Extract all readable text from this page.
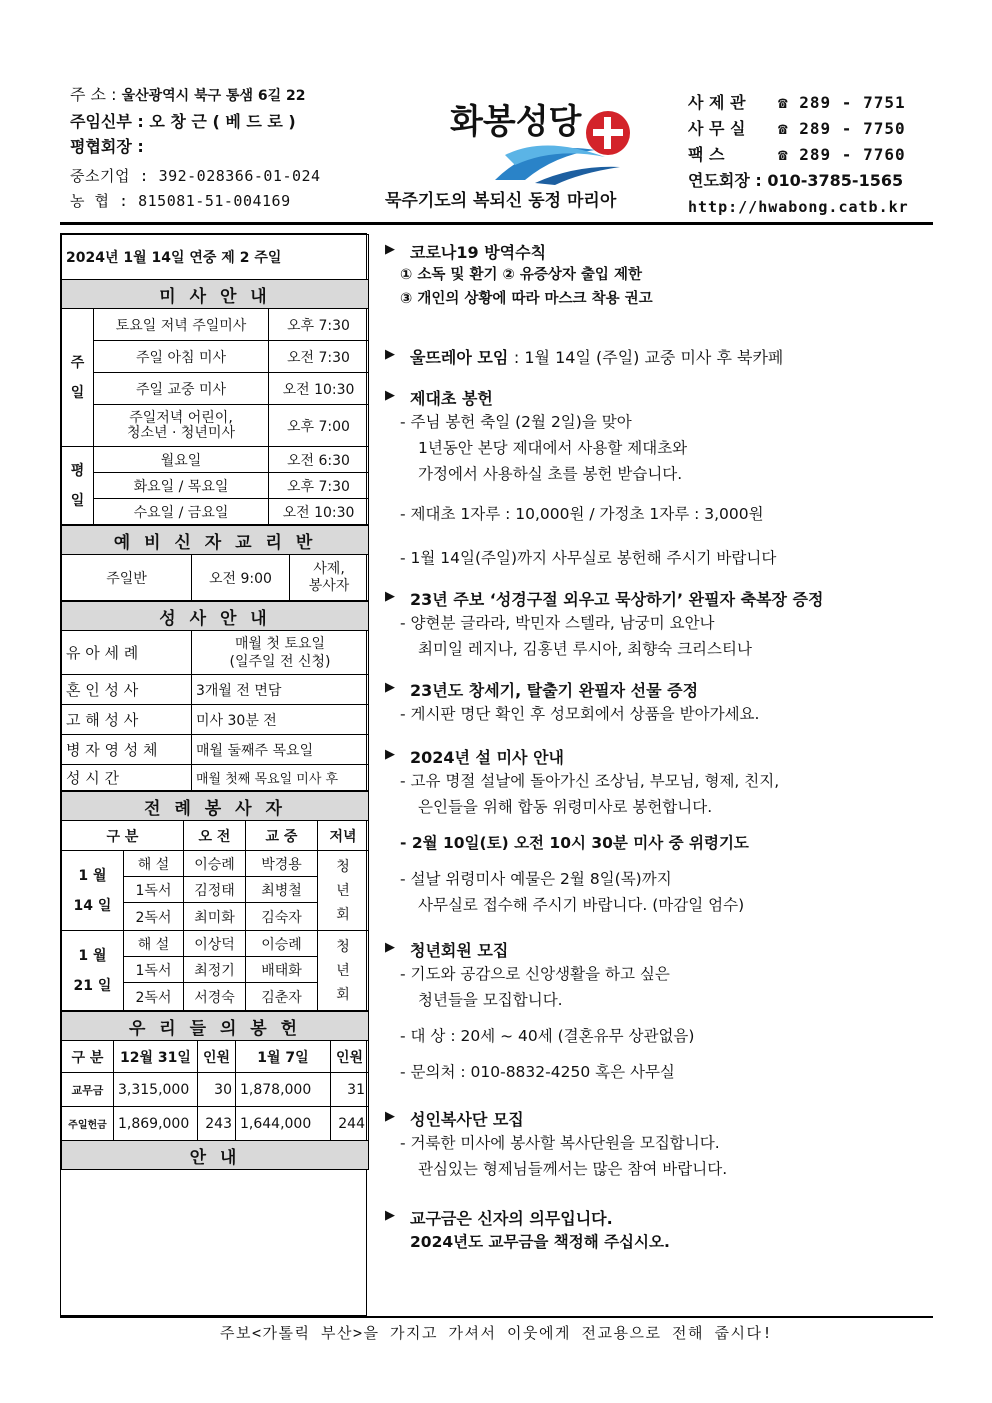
주 소 : 울산광역시 북구 통샘 6길 22
주임신부 : 오 창 근 ( 베 드 로 )
평협회장 :
중소기업 : 392-028366-01-024
농 협 : 815081-51-004169
화봉성당
묵주기도의 복되신 동정 마리아
사 제 관 ☎ 289 - 7751
사 무 실 ☎ 289 - 7750
팩 스	☎ 289 - 7760
연도회장 : 010-3785-1565
http://hwabong.catb.kr
2024년 1월 14일 연중 제 2 주일		
미 사 안 내		
주
일	토요일 저녁 주일미사	오후 7:30
	주일 아침 미사	오전 7:30
	주일 교중 미사	오전 10:30
	주일저녁 어린이,
청소년 · 청년미사	오후 7:00
평
일	월요일	오전 6:30
	화요일 / 목요일	오후 7:30
	수요일 / 금요일	오전 10:30
예 비 신 자 교 리 반
주일반	오전 9:00	사제,
봉사자
성 사 안 내	
유 아 세 례	매월 첫 토요일
(일주일 전 신청)
혼 인 성 사	3개월 전 면담
고 해 성 사	미사 30분 전
병 자 영 성 체	매월 둘째주 목요일
성 시 간	매월 첫째 목요일 미사 후
전 례 봉 사 자				
구 분		오 전	교 중	저녁
1 월
14 일	해 설	이승례	박경용	청
년
회
	1독서	김정태	최병철	
	2독서	최미화	김숙자	
1 월
21 일	해 설	이상덕	이승례	청
년
회
	1독서	최정기	배태화	
	2독서	서경숙	김춘자	
우 리 들 의 봉 헌				
구 분	12월 31일	인원	1월 7일	인원
교무금	3,315,000	30	1,878,000	31
주일헌금	1,869,000	243	1,644,000	244
안 내				
▶ 코로나19 방역수칙
① 소독 및 환기 ② 유증상자 출입 제한
③ 개인의 상황에 따라 마스크 착용 권고
▶ 울뜨레아 모임 : 1월 14일 (주일) 교중 미사 후 북카페
▶ 제대초 봉헌
- 주님 봉헌 축일 (2월 2일)을 맞아
1년동안 본당 제대에서 사용할 제대초와
가정에서 사용하실 초를 봉헌 받습니다.
- 제대초 1자루 : 10,000원 / 가정초 1자루 : 3,000원
- 1월 14일(주일)까지 사무실로 봉헌해 주시기 바랍니다
▶ 23년 주보 ‘성경구절 외우고 묵상하기’ 완필자 축복장 증정
- 양현분 글라라, 박민자 스텔라, 남궁미 요안나
최미일 레지나, 김홍년 루시아, 최향숙 크리스티나
▶ 23년도 창세기, 탈출기 완필자 선물 증정
- 게시판 명단 확인 후 성모회에서 상품을 받아가세요.
▶ 2024년 설 미사 안내
- 고유 명절 설날에 돌아가신 조상님, 부모님, 형제, 친지,
은인들을 위해 합동 위령미사로 봉헌합니다.
- 2월 10일(토) 오전 10시 30분 미사 중 위령기도
- 설날 위령미사 예물은 2월 8일(목)까지
사무실로 접수해 주시기 바랍니다. (마감일 엄수)
▶ 청년회원 모집
- 기도와 공감으로 신앙생활을 하고 싶은
청년들을 모집합니다.
- 대 상 : 20세 ~ 40세 (결혼유무 상관없음)
- 문의처 : 010-8832-4250 혹은 사무실
▶ 성인복사단 모집
- 거룩한 미사에 봉사할 복사단원을 모집합니다.
관심있는 형제님들께서는 많은 참여 바랍니다.
▶ 교구금은 신자의 의무입니다.
2024년도 교무금을 책정해 주십시오.
주보<가톨릭 부산>을 가지고 가셔서 이웃에게 전교용으로 전해 줍시다!
